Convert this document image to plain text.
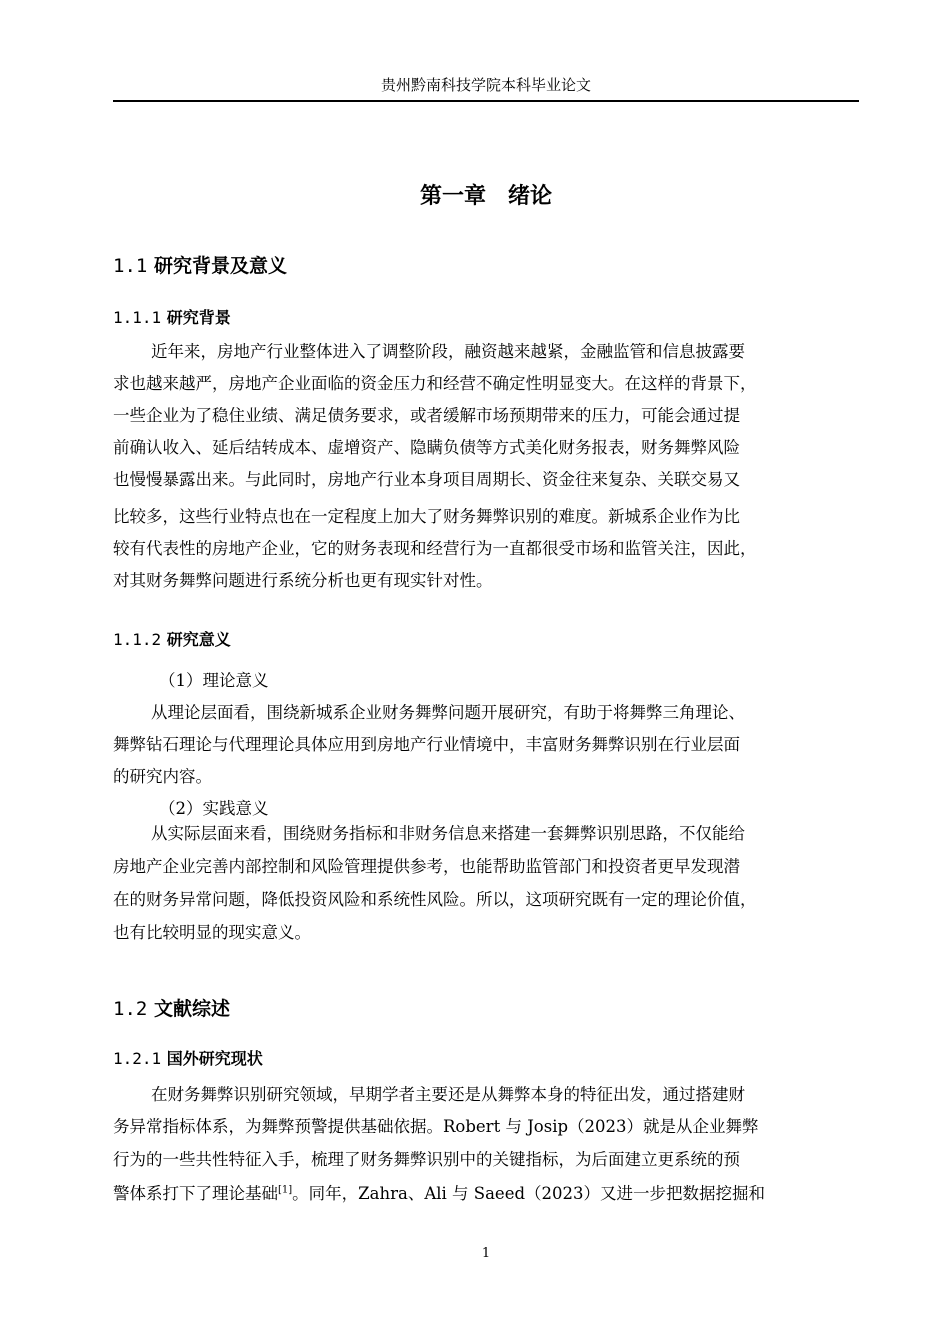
贵州黔南科技学院本科毕业论文
第一章　绪论
1.1 研究背景及意义
1.1.1 研究背景
近年来，房地产行业整体进入了调整阶段，融资越来越紧，金融监管和信息披露要
求也越来越严，房地产企业面临的资金压力和经营不确定性明显变大。在这样的背景下，
一些企业为了稳住业绩、满足债务要求，或者缓解市场预期带来的压力，可能会通过提
前确认收入、延后结转成本、虚增资产、隐瞒负债等方式美化财务报表，财务舞弊风险
也慢慢暴露出来。与此同时，房地产行业本身项目周期长、资金往来复杂、关联交易又
比较多，这些行业特点也在一定程度上加大了财务舞弊识别的难度。新城系企业作为比
较有代表性的房地产企业，它的财务表现和经营行为一直都很受市场和监管关注，因此，
对其财务舞弊问题进行系统分析也更有现实针对性。
1.1.2 研究意义
（1）理论意义
从理论层面看，围绕新城系企业财务舞弊问题开展研究，有助于将舞弊三角理论、
舞弊钻石理论与代理理论具体应用到房地产行业情境中，丰富财务舞弊识别在行业层面
的研究内容。
（2）实践意义
从实际层面来看，围绕财务指标和非财务信息来搭建一套舞弊识别思路，不仅能给
房地产企业完善内部控制和风险管理提供参考，也能帮助监管部门和投资者更早发现潜
在的财务异常问题，降低投资风险和系统性风险。所以，这项研究既有一定的理论价值，
也有比较明显的现实意义。
1.2 文献综述
1.2.1 国外研究现状
在财务舞弊识别研究领域，早期学者主要还是从舞弊本身的特征出发，通过搭建财
务异常指标体系，为舞弊预警提供基础依据。Robert 与 Josip（2023）就是从企业舞弊
行为的一些共性特征入手，梳理了财务舞弊识别中的关键指标，为后面建立更系统的预
警体系打下了理论基础[1]。同年，Zahra、Ali 与 Saeed（2023）又进一步把数据挖掘和
1
